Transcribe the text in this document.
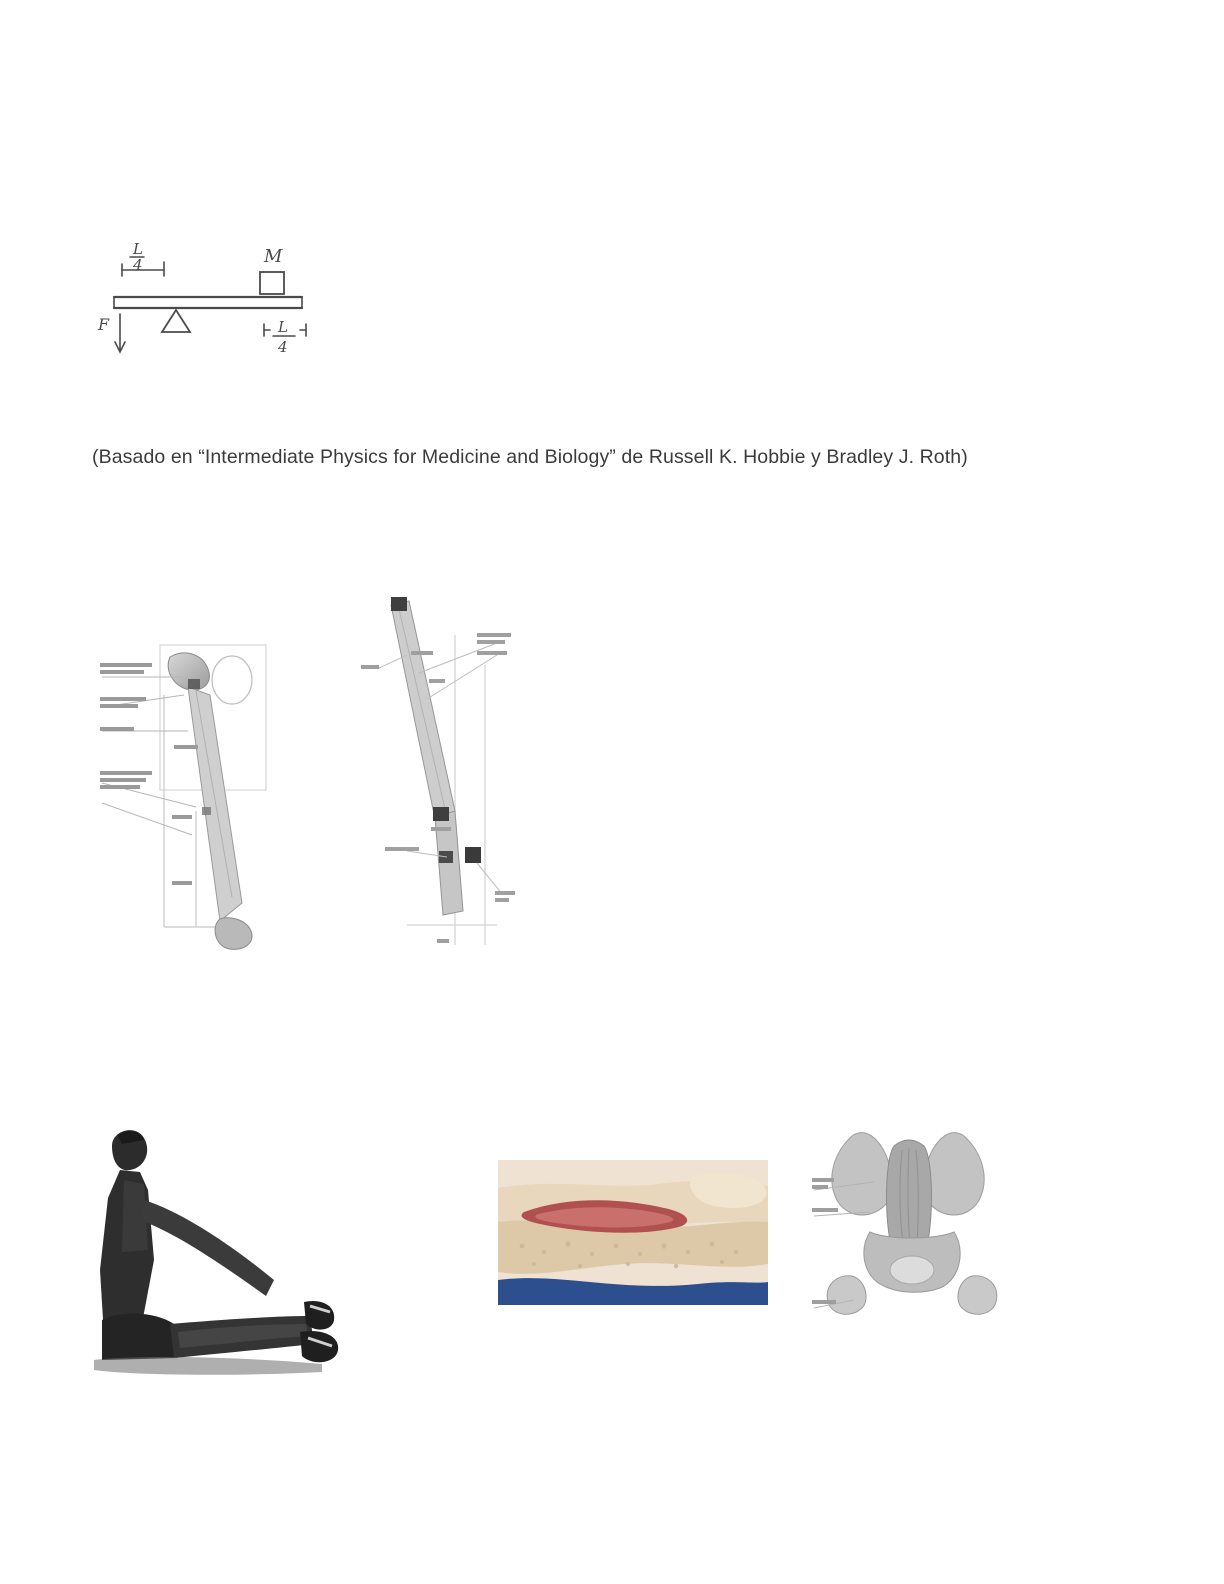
L
4	M
F	L
4
(Basado en “Intermediate Physics for Medicine and Biology” de Russell K. Hobbie y Bradley J. Roth)
